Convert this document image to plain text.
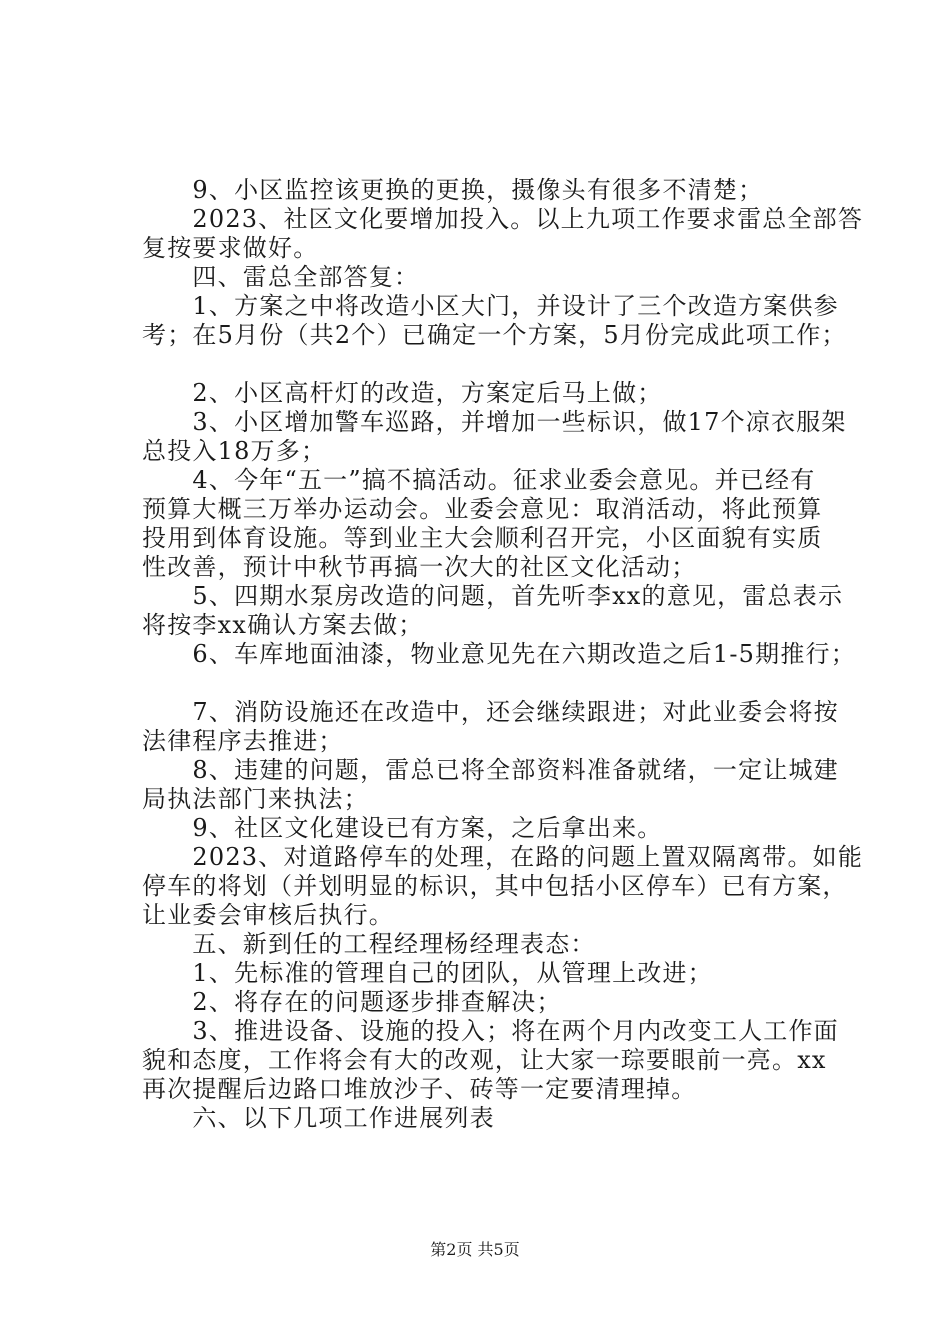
　　9、小区监控该更换的更换，摄像头有很多不清楚；
　　2023、社区文化要增加投入。以上九项工作要求雷总全部答
复按要求做好。
　　四、雷总全部答复：
　　1、方案之中将改造小区大门，并设计了三个改造方案供参
考；在5月份（共2个）已确定一个方案，5月份完成此项工作；
　　2、小区高杆灯的改造，方案定后马上做；
　　3、小区增加警车巡路，并增加一些标识，做17个凉衣服架
总投入18万多；
　　4、今年“五一”搞不搞活动。征求业委会意见。并已经有
预算大概三万举办运动会。业委会意见：取消活动，将此预算
投用到体育设施。等到业主大会顺利召开完，小区面貌有实质
性改善，预计中秋节再搞一次大的社区文化活动；
　　5、四期水泵房改造的问题，首先听李xx的意见，雷总表示
将按李xx确认方案去做；
　　6、车库地面油漆，物业意见先在六期改造之后1-5期推行；
　　7、消防设施还在改造中，还会继续跟进；对此业委会将按
法律程序去推进；
　　8、违建的问题，雷总已将全部资料准备就绪，一定让城建
局执法部门来执法；
　　9、社区文化建设已有方案，之后拿出来。
　　2023、对道路停车的处理，在路的问题上置双隔离带。如能
停车的将划（并划明显的标识，其中包括小区停车）已有方案，
让业委会审核后执行。
　　五、新到任的工程经理杨经理表态：
　　1、先标准的管理自己的团队，从管理上改进；
　　2、将存在的问题逐步排查解决；
　　3、推进设备、设施的投入；将在两个月内改变工人工作面
貌和态度，工作将会有大的改观，让大家一琮要眼前一亮。xx
再次提醒后边路口堆放沙子、砖等一定要清理掉。
　　六、以下几项工作进展列表
第2页 共5页
